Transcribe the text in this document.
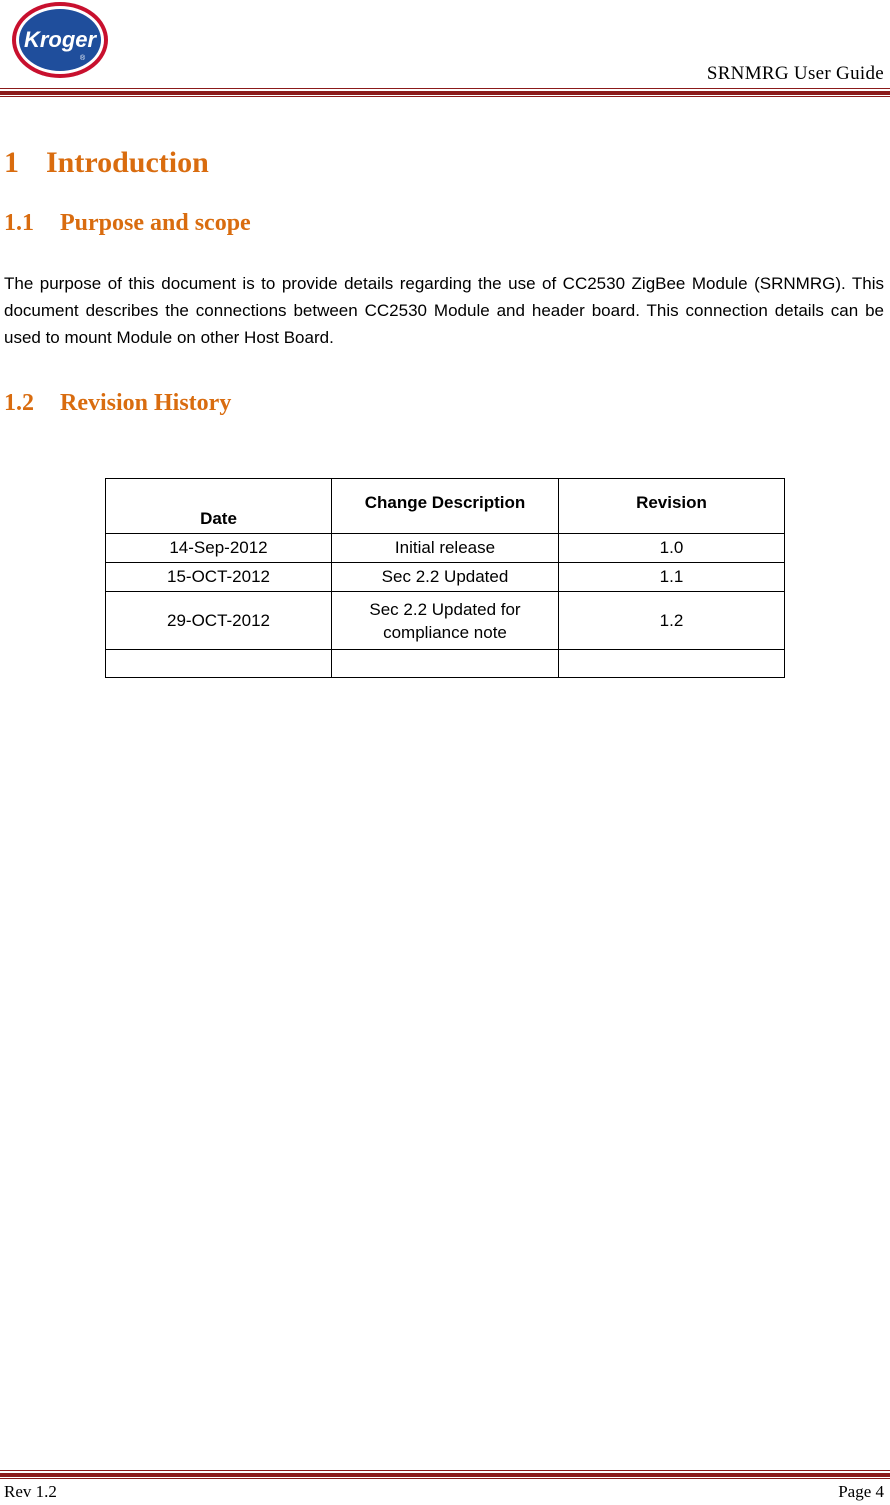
Kroger
®
SRNMRG User Guide
1 Introduction
1.1 Purpose and scope

The purpose of this document is to provide details regarding the use of CC2530 ZigBee Module (SRNMRG). This document describes the connections between CC2530 Module and header board. This connection details can be used to mount Module on other Host Board.

1.2 Revision History
Date	Change Description	Revision
14-Sep-2012	Initial release	1.0
15-OCT-2012	Sec 2.2 Updated	1.1
29-OCT-2012	Sec 2.2 Updated for compliance note	1.2

Rev 1.2	Page 4
